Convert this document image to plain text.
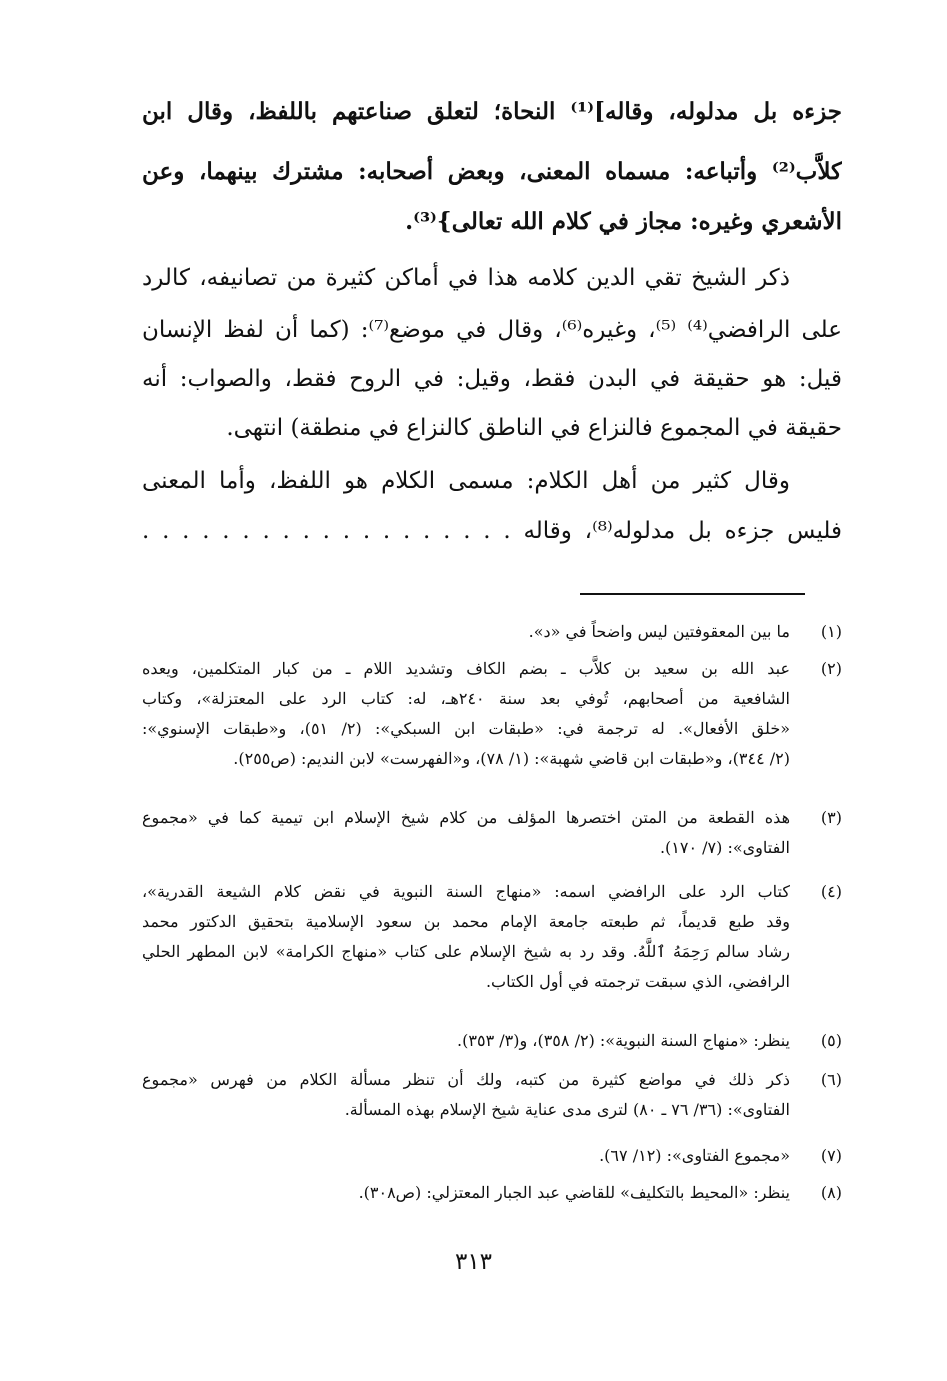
جزءه بل مدلوله، وقاله]⁽¹⁾ النحاة؛ لتعلق صناعتهم باللفظ، وقال ابن
كلاَّب⁽²⁾ وأتباعه: مسماه المعنى، وبعض أصحابه: مشترك بينهما، وعن
الأشعري وغيره: مجاز في كلام الله تعالى}⁽³⁾.
ذكر الشيخ تقي الدين كلامه هذا في أماكن كثيرة من تصانيفه، كالرد
على الرافضي⁽⁴⁾ ⁽⁵⁾، وغيره⁽⁶⁾، وقال في موضع⁽⁷⁾: (كما أن لفظ الإنسان
قيل: هو حقيقة في البدن فقط، وقيل: في الروح فقط، والصواب: أنه
حقيقة في المجموع فالنزاع في الناطق كالنزاع في منطقة) انتهى.
وقال كثير من أهل الكلام: مسمى الكلام هو اللفظ، وأما المعنى
فليس جزءه بل مدلوله⁽⁸⁾، وقاله . . . . . . . . . . . . . . . . . . .
(١)

ما بين المعقوفتين ليس واضحاً في «د».

(٢)

عبد الله بن سعيد بن كلاَّب ـ بضم الكاف وتشديد اللام ـ من كبار المتكلمين، ويعده

الشافعية من أصحابهم، تُوفي بعد سنة ٢٤٠هـ، له: كتاب الرد على المعتزلة»، وكتاب

«خلق الأفعال». له ترجمة في: «طبقات ابن السبكي»: (٢/ ٥١)، و«طبقات الإسنوي»:

(٢/ ٣٤٤)، و«طبقات ابن قاضي شهبة»: (١/ ٧٨)، و«الفهرست» لابن النديم: (ص٢٥٥).

(٣)

هذه القطعة من المتن اختصرها المؤلف من كلام شيخ الإسلام ابن تيمية كما في «مجموع

الفتاوى»: (٧/ ١٧٠).

(٤)

كتاب الرد على الرافضي اسمه: «منهاج السنة النبوية في نقض كلام الشيعة القدرية»،

وقد طبع قديماً، ثم طبعته جامعة الإمام محمد بن سعود الإسلامية بتحقيق الدكتور محمد

رشاد سالم رَحِمَهُ ٱللَّهُ. وقد رد به شيخ الإسلام على كتاب «منهاج الكرامة» لابن المطهر الحلي

الرافضي، الذي سبقت ترجمته في أول الكتاب.

(٥)

ينظر: «منهاج السنة النبوية»: (٢/ ٣٥٨)، و(٣/ ٣٥٣).

(٦)

ذكر ذلك في مواضع كثيرة من كتبه، ولك أن تنظر مسألة الكلام من فهرس «مجموع

الفتاوى»: (٣٦/ ٧٦ ـ ٨٠) لترى مدى عناية شيخ الإسلام بهذه المسألة.

(٧)

«مجموع الفتاوى»: (١٢/ ٦٧).

(٨)

ينظر: «المحيط بالتكليف» للقاضي عبد الجبار المعتزلي: (ص٣٠٨).

٣١٣
